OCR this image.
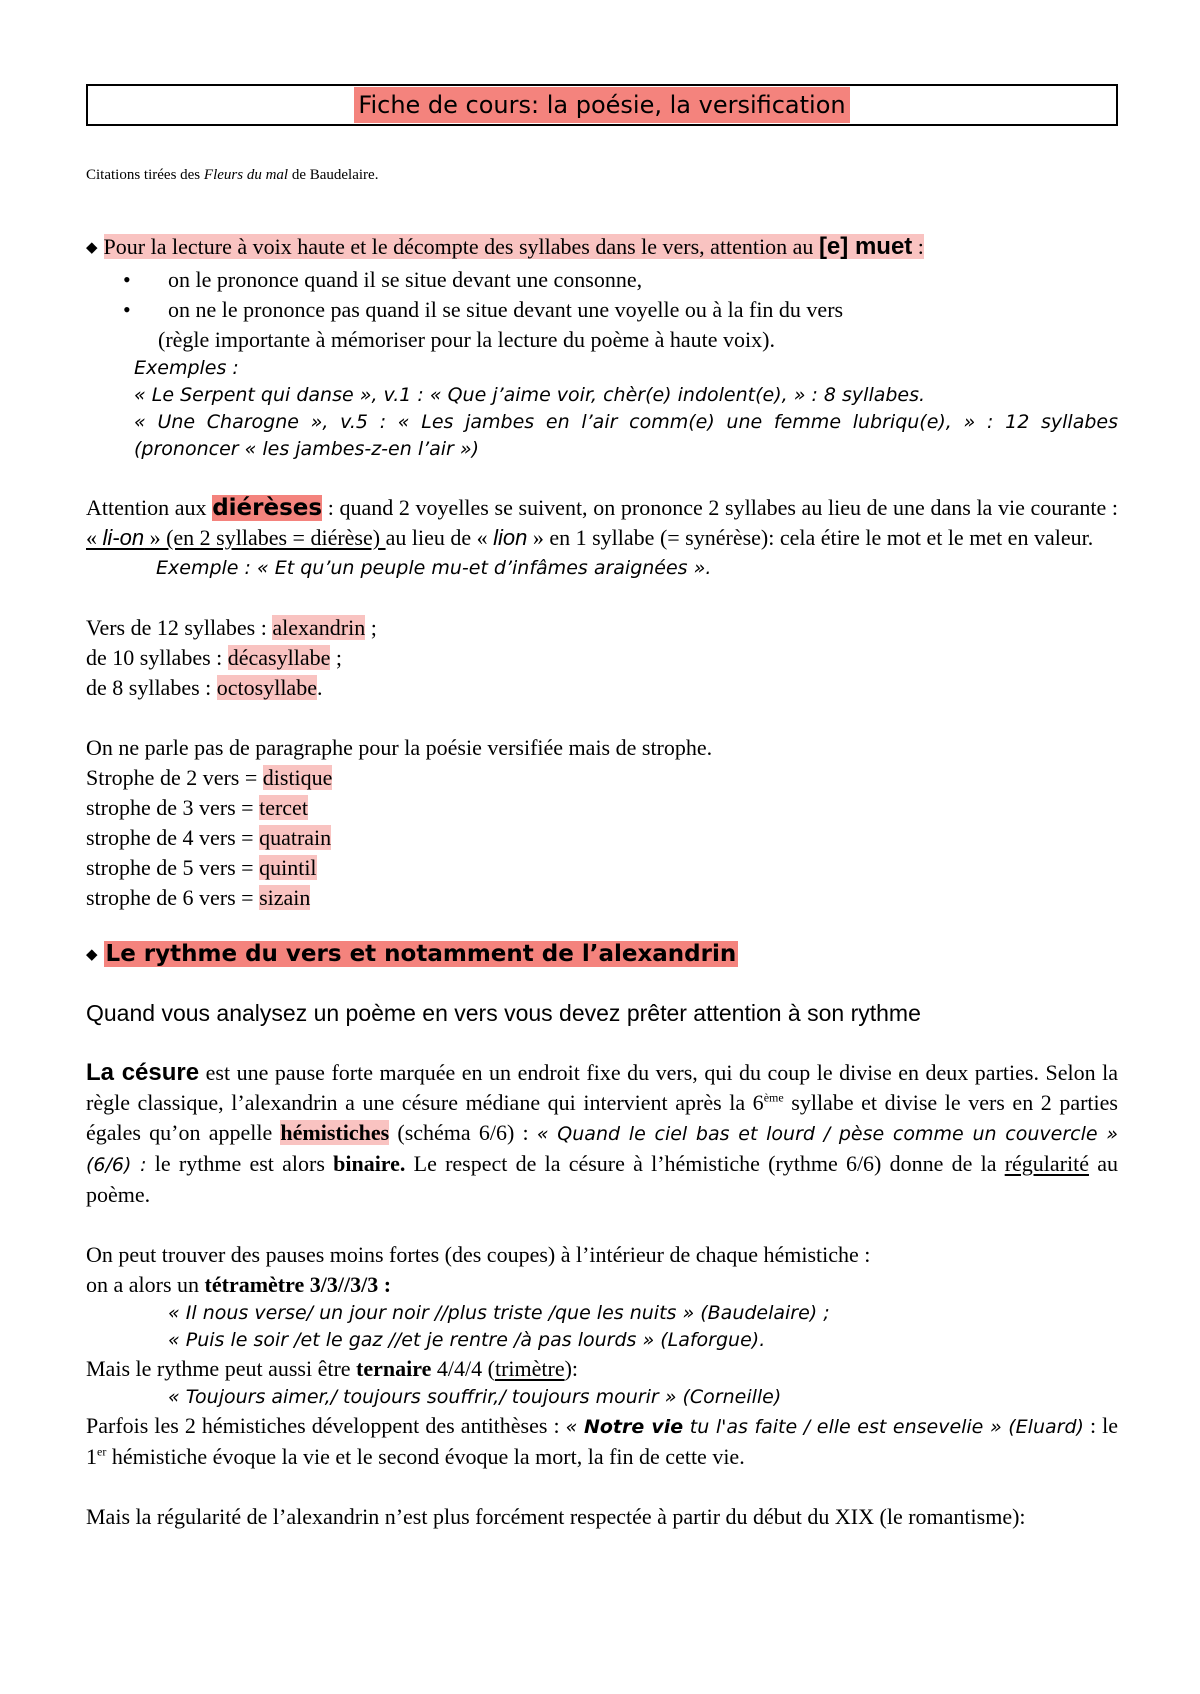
Fiche de cours: la poésie, la versification

Citations tirées des Fleurs du mal de Baudelaire.

◆ Pour la lecture à voix haute et le décompte des syllabes dans le vers, attention au [e] muet :

•	on le prononce quand il se situe devant une consonne,
•	on ne le prononce pas quand il se situe devant une voyelle ou à la fin du vers

(règle importante à mémoriser pour la lecture du poème à haute voix).

Exemples :

« Le Serpent qui danse », v.1 : « Que j’aime voir, chèr(e) indolent(e), » : 8 syllabes.

« Une Charogne », v.5 : « Les jambes en l’air comm(e) une femme lubriqu(e), » : 12 syllabes (prononcer « les jambes-z-en l’air »)

Attention aux diérèses : quand 2 voyelles se suivent, on prononce 2 syllabes au lieu de une dans la vie courante : « li-on » (en 2 syllabes = diérèse) au lieu de « lion » en 1 syllabe (= synérèse): cela étire le mot et le met en valeur.

Exemple : « Et qu’un peuple mu-et d’infâmes araignées ».

Vers de 12 syllabes : alexandrin ;

de 10 syllabes : décasyllabe ;

de 8 syllabes : octosyllabe.

On ne parle pas de paragraphe pour la poésie versifiée mais de strophe.

Strophe de 2 vers = distique

strophe de 3 vers = tercet

strophe de 4 vers = quatrain

strophe de 5 vers = quintil

strophe de 6 vers = sizain

◆ Le rythme du vers et notamment de l’alexandrin

Quand vous analysez un poème en vers vous devez prêter attention à son rythme

La césure est une pause forte marquée en un endroit fixe du vers, qui du coup le divise en deux parties. Selon la règle classique, l’alexandrin a une césure médiane qui intervient après la 6ème syllabe et divise le vers en 2 parties égales qu’on appelle hémistiches (schéma 6/6) : « Quand le ciel bas et lourd / pèse comme un couvercle » (6/6) : le rythme est alors binaire. Le respect de la césure à l’hémistiche (rythme 6/6) donne de la régularité au poème.

On peut trouver des pauses moins fortes (des coupes) à l’intérieur de chaque hémistiche :

on a alors un tétramètre 3/3//3/3 :

« Il nous verse/ un jour noir //plus triste /que les nuits » (Baudelaire) ;

« Puis le soir /et le gaz //et je rentre /à pas lourds » (Laforgue).

Mais le rythme peut aussi être ternaire 4/4/4 (trimètre):

« Toujours aimer,/ toujours souffrir,/ toujours mourir » (Corneille)

Parfois les 2 hémistiches développent des antithèses : « Notre vie tu l'as faite / elle est ensevelie » (Eluard) : le 1er hémistiche évoque la vie et le second évoque la mort, la fin de cette vie.

Mais la régularité de l’alexandrin n’est plus forcément respectée à partir du début du XIX (le romantisme):
